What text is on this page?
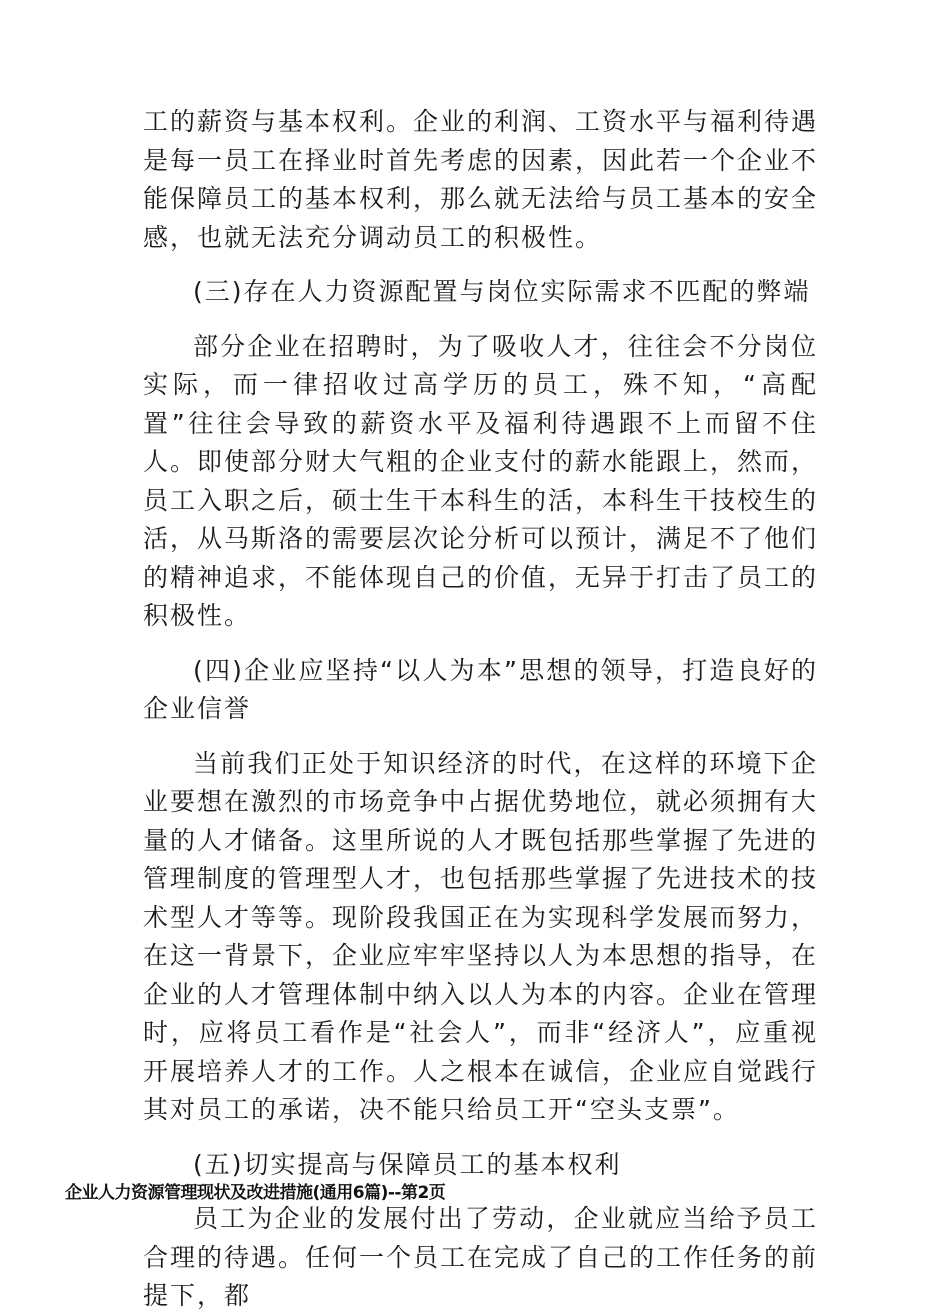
工的薪资与基本权利。企业的利润、工资水平与福利待遇是每一员工在择业时首先考虑的因素，因此若一个企业不能保障员工的基本权利，那么就无法给与员工基本的安全感，也就无法充分调动员工的积极性。

(三)存在人力资源配置与岗位实际需求不匹配的弊端

部分企业在招聘时，为了吸收人才，往往会不分岗位实际，而一律招收过高学历的员工，殊不知，“高配置”往往会导致的薪资水平及福利待遇跟不上而留不住人。即使部分财大气粗的企业支付的薪水能跟上，然而，员工入职之后，硕士生干本科生的活，本科生干技校生的活，从马斯洛的需要层次论分析可以预计，满足不了他们的精神追求，不能体现自己的价值，无异于打击了员工的积极性。

(四)企业应坚持“以人为本”思想的领导，打造良好的企业信誉

当前我们正处于知识经济的时代，在这样的环境下企业要想在激烈的市场竞争中占据优势地位，就必须拥有大量的人才储备。这里所说的人才既包括那些掌握了先进的管理制度的管理型人才，也包括那些掌握了先进技术的技术型人才等等。现阶段我国正在为实现科学发展而努力，在这一背景下，企业应牢牢坚持以人为本思想的指导，在企业的人才管理体制中纳入以人为本的内容。企业在管理时，应将员工看作是“社会人”，而非“经济人”，应重视开展培养人才的工作。人之根本在诚信，企业应自觉践行其对员工的承诺，决不能只给员工开“空头支票”。

(五)切实提高与保障员工的基本权利

员工为企业的发展付出了劳动，企业就应当给予员工合理的待遇。任何一个员工在完成了自己的工作任务的前提下，都

企业人力资源管理现状及改进措施(通用6篇)--第2页
